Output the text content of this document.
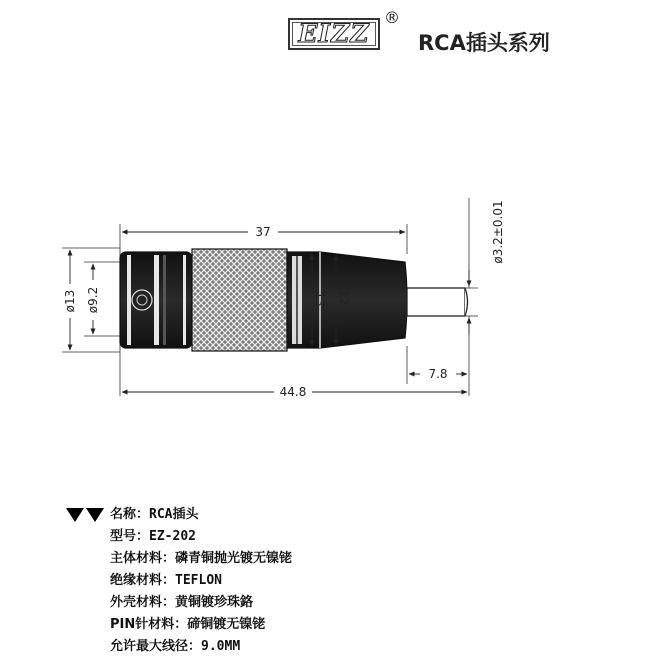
EIZZ
®
RCA插头系列
37
44.8
7.8
ø13 ø9.2	13 12
ø3.2±0.01
名称：RCA插头
型号：EZ-202
主体材料：磷青铜抛光镀无镍铑
绝缘材料：TEFLON
外壳材料：黄铜镀珍珠鉻
PIN针材料：碲铜镀无镍铑
允许最大线径：9.0MM
